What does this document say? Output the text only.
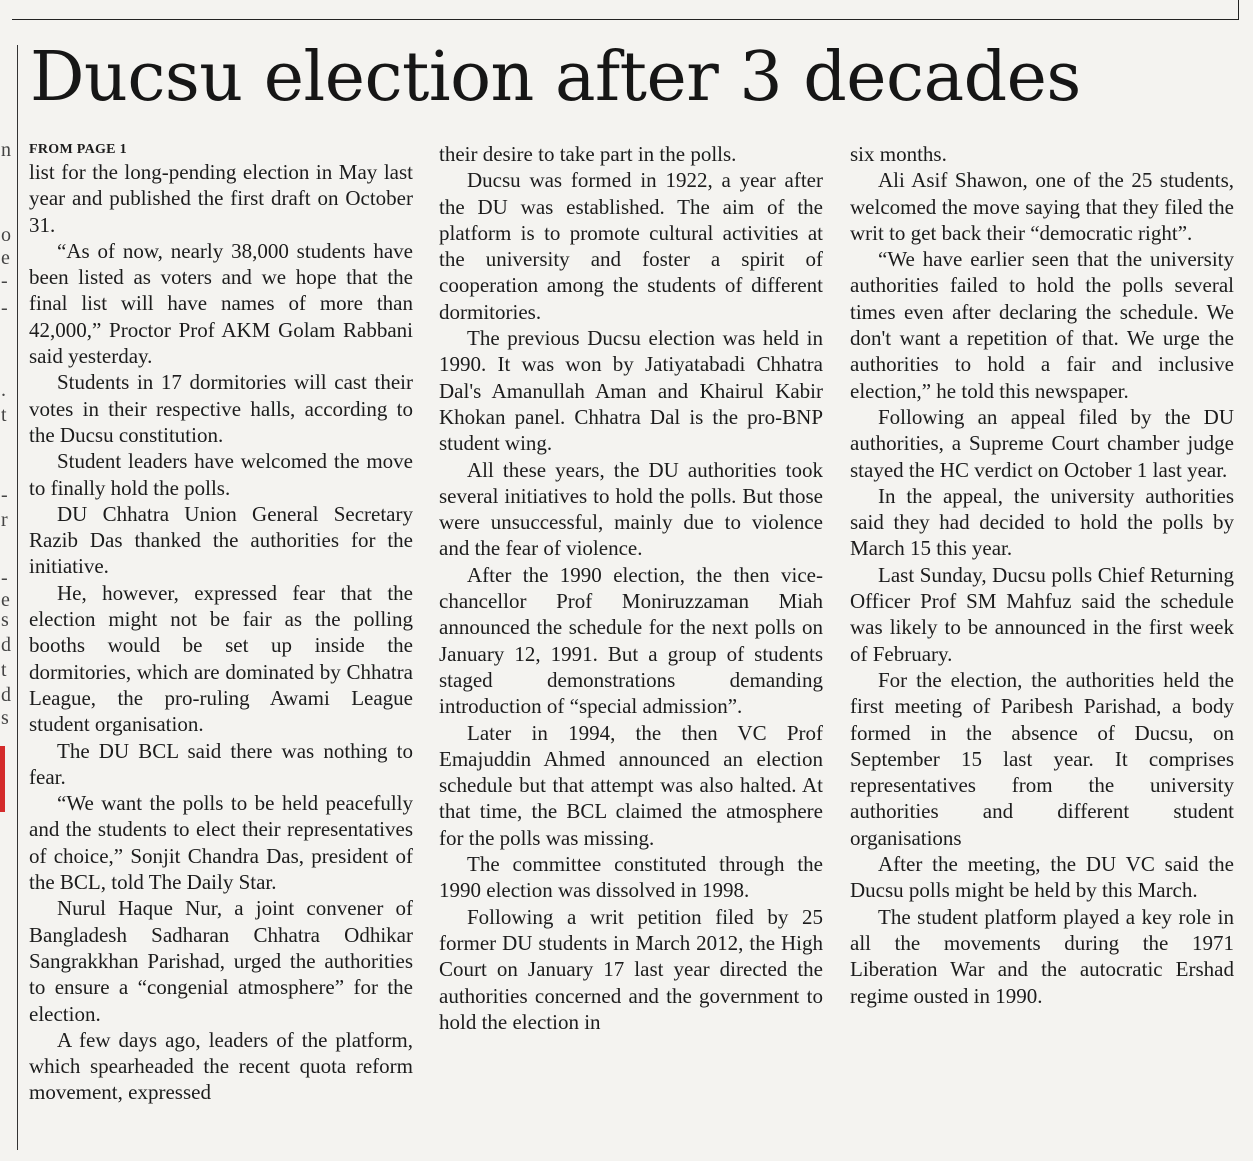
n
o
e
-
-
.
t
-
r
-
e
s
d
t
d
s
Ducsu election after 3 decades
FROM PAGE 1

list for the long-pending election in May last year and published the first draft on October 31.

“As of now, nearly 38,000 students have been listed as voters and we hope that the final list will have names of more than 42,000,” Proctor Prof AKM Golam Rabbani said yesterday.

Students in 17 dormitories will cast their votes in their respective halls, according to the Ducsu constitution.

Student leaders have welcomed the move to finally hold the polls.

DU Chhatra Union General Secretary Razib Das thanked the authorities for the initiative.

He, however, expressed fear that the election might not be fair as the polling booths would be set up inside the dormitories, which are dominated by Chhatra League, the pro-ruling Awami League student organisation.

The DU BCL said there was nothing to fear.

“We want the polls to be held peacefully and the students to elect their representatives of choice,” Sonjit Chandra Das, president of the BCL, told The Daily Star.

Nurul Haque Nur, a joint convener of Bangladesh Sadharan Chhatra Odhikar Sangrakkhan Parishad, urged the authorities to ensure a “congenial atmosphere” for the election.

A few days ago, leaders of the platform, which spearheaded the recent quota reform movement, expressed

their desire to take part in the polls.

Ducsu was formed in 1922, a year after the DU was established. The aim of the platform is to promote cultural activities at the university and foster a spirit of cooperation among the students of different dormitories.

The previous Ducsu election was held in 1990. It was won by Jatiyatabadi Chhatra Dal's Amanullah Aman and Khairul Kabir Khokan panel. Chhatra Dal is the pro-BNP student wing.

All these years, the DU authorities took several initiatives to hold the polls. But those were unsuccessful, mainly due to violence and the fear of violence.

After the 1990 election, the then vice-chancellor Prof Moniruzzaman Miah announced the schedule for the next polls on January 12, 1991. But a group of students staged demonstrations demanding introduction of “special admission”.

Later in 1994, the then VC Prof Emajuddin Ahmed announced an election schedule but that attempt was also halted. At that time, the BCL claimed the atmosphere for the polls was missing.

The committee constituted through the 1990 election was dissolved in 1998.

Following a writ petition filed by 25 former DU students in March 2012, the High Court on January 17 last year directed the authorities concerned and the government to hold the election in

six months.

Ali Asif Shawon, one of the 25 students, welcomed the move saying that they filed the writ to get back their “democratic right”.

“We have earlier seen that the university authorities failed to hold the polls several times even after declaring the schedule. We don't want a repetition of that. We urge the authorities to hold a fair and inclusive election,” he told this newspaper.

Following an appeal filed by the DU authorities, a Supreme Court chamber judge stayed the HC verdict on October 1 last year.

In the appeal, the university authorities said they had decided to hold the polls by March 15 this year.

Last Sunday, Ducsu polls Chief Returning Officer Prof SM Mahfuz said the schedule was likely to be announced in the first week of February.

For the election, the authorities held the first meeting of Paribesh Parishad, a body formed in the absence of Ducsu, on September 15 last year. It comprises representatives from the university authorities and different student organisations

After the meeting, the DU VC said the Ducsu polls might be held by this March.

The student platform played a key role in all the movements during the 1971 Liberation War and the autocratic Ershad regime ousted in 1990.
